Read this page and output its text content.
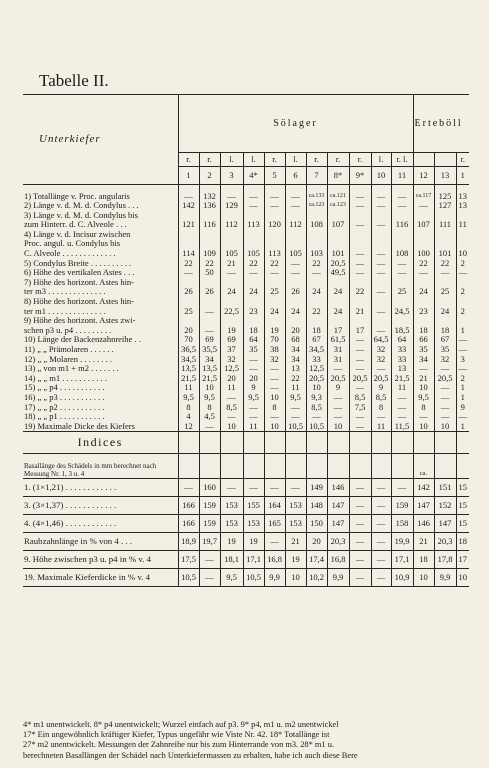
Tabelle II.
Unterkiefer	Sölager											Erteböll		
	r.	r.	l.	l.	r.	l.	r.	r.	r.	l.	r. l.			r.
	1	2	3	4*	5	6	7	8*	9*	10	11	12	13	1

1) Totallänge v. Proc. angularis	—	132	—	—	—	—	ca.133	ca.121	—	—	—	ca.117	125	13
2) Länge v. d. M. d. Condylus . . .	142	136	129	—	—	—	ca.123	ca.123	—	—	—	—	127	13
3) Länge v. d. M. d. Condylus bis														
zum Hinterr. d. C. Alveole . . .	121	116	112	113	120	112	108	107	—	—	116	107	111	11
4) Länge v. d. Incisur zwischen														
Proc. angul. u. Condylus bis														
C. Alveole . . . . . . . . . . . . .	114	109	105	105	113	105	103	101	—	—	108	100	101	10
5) Condylus Breite . . . . . . . . . .	22	22	21	22	22	—	22	20,5	—	—	—	22	22	2
6) Höhe des vertikalen Astes . . .	—	50	—	—	—	—	—	49,5	—	—	—	—	—	—
7) Höhe des horizont. Astes hin-														
ter m3 . . . . . . . . . . . . . .	26	26	24	24	25	26	24	24	22	—	25	24	25	2
8) Höhe des horizont. Astes hin-														
ter m1 . . . . . . . . . . . . . .	25	—	22,5	23	24	24	22	24	21	—	24,5	23	24	2
9) Höhe des horizont. Astes zwi-														
schen p3 u. p4 . . . . . . . . .	20	—	19	18	19	20	18	17	17	—	18,5	18	18	1
10) Länge der Backenzahnreihe . .	70	69	69	64	70	68	67	61,5	—	64,5	64	66	67	—
11) „ „ Prämolaren . . . . . .	36,5	35,5	37	35	38	34	34,5	31	—	32	33	35	35	—
12) „ „ Molaren . . . . . . . .	34,5	34	32	—	32	34	33	31	—	32	33	34	32	3
13) „ von m1 + m2 . . . . . . .	13,5	13,5	12,5	—	—	13	12,5	—	—	—	13	—	—	—
14) „ „ m1 . . . . . . . . . . .	21,5	21,5	20	20	—	22	20,5	20,5	20,5	20,5	21,5	21	20,5	2
15) „ „ p4 . . . . . . . . . . .	11	10	11	9	—	11	10	9	—	9	11	10	—	1
16) „ „ p3 . . . . . . . . . . .	9,5	9,5	—	9,5	10	9,5	9,3	—	8,5	8,5	—	9,5	—	1
17) „ „ p2 . . . . . . . . . . .	8	8	8,5	—	8	—	8,5	—	7,5	8	—	8	—	9
18) „ „ p1 . . . . . . . . . . .	4	4,5	—	—	—	—	—	—	—	—	—	—	—	—
19) Maximale Dicke des Kiefers	12	—	10	11	10	10,5	10,5	10	—	11	11,5	10	10	1
Indices														
Basallänge des Schädels in mm berechnet nach Messung Nr. 1, 3 u. 4												ca.		
1. (1×1,21) . . . . . . . . . . . .	—	160	—	—	—	—	149	146	—	—	—	142	151	15
3. (3×1,37) . . . . . . . . . . . .	166	159	153	155	164	153	148	147	—	—	159	147	152	15
4. (4×1,46) . . . . . . . . . . . .	166	159	153	153	165	153	150	147	—	—	158	146	147	15
Raubzahnlänge in % von 4 . . .	18,9	19,7	19	19	—	21	20	20,3	—	—	19,9	21	20,3	18
9. Höhe zwischen p3 u. p4 in % v. 4	17,5	—	18,1	17,1	16,8	19	17,4	16,8	—	—	17,1	18	17,8	17
19. Maximale Kieferdicke in % v. 4	10,5	—	9,5	10,5	9,9	10	10,2	9,9	—	—	10,9	10	9,9	10
4* m1 unentwickelt. 8* p4 unentwickelt; Wurzel einfach auf p3. 9* p4, m1 u. m2 unentwickel
17* Ein ungewöhnlich kräftiger Kiefer, Typus ungefähr wie Viste Nr. 42. 18* Totallänge ist
27* m2 unentwickelt. Messungen der Zahnreihe nur bis zum Hinterrande von m3. 28* m1 u.
berechneten Basallängen der Schädel nach Unterkiefermassen zu erhalten, habe ich auch diese Bere
